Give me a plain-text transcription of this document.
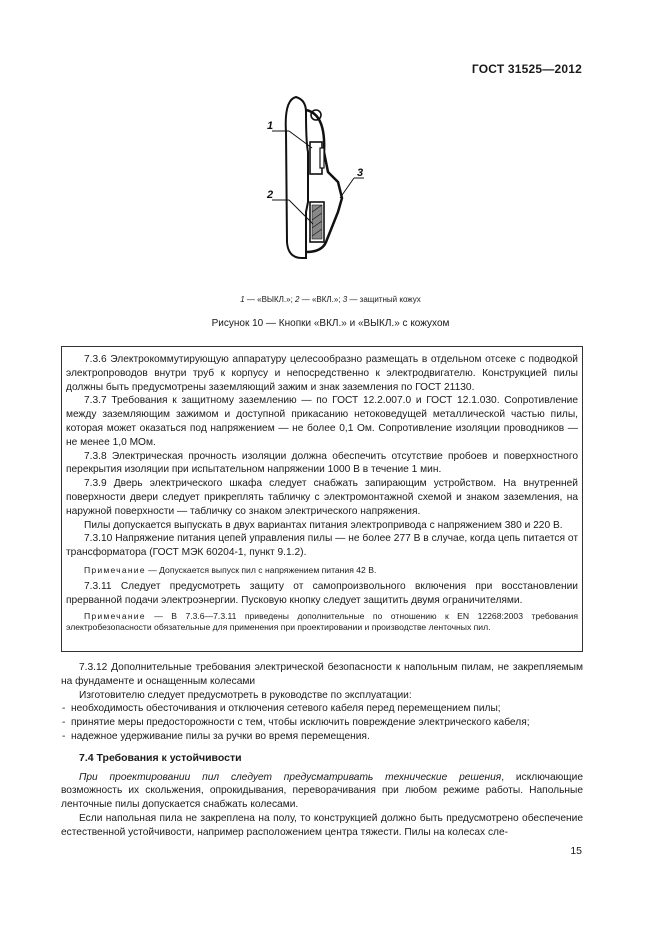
ГОСТ 31525—2012
1
2
3
1 — «ВЫКЛ.»; 2 — «ВКЛ.»; 3 — защитный кожух
Рисунок 10 — Кнопки «ВКЛ.» и «ВЫКЛ.» с кожухом

7.3.6 Электрокоммутирующую аппаратуру целесообразно размещать в отдельном отсеке с подводкой электропроводов внутри труб к корпусу и непосредственно к электродвигателю. Конструкцией пилы должны быть предусмотрены заземляющий зажим и знак заземления по ГОСТ 21130.

7.3.7 Требования к защитному заземлению — по ГОСТ 12.2.007.0 и ГОСТ 12.1.030. Сопротивление между заземляющим зажимом и доступной прикасанию нетоковедущей металлической частью пилы, которая может оказаться под напряжением — не более 0,1 Ом. Сопротивление изоляции проводников — не менее 1,0 МОм.

7.3.8 Электрическая прочность изоляции должна обеспечить отсутствие пробоев и поверхностного перекрытия изоляции при испытательном напряжении 1000 В в течение 1 мин.

7.3.9 Дверь электрического шкафа следует снабжать запирающим устройством. На внутренней поверхности двери следует прикреплять табличку с электромонтажной схемой и знаком заземления, на наружной поверхности — табличку со знаком электрического напряжения.

Пилы допускается выпускать в двух вариантах питания электропривода с напряжением 380 и 220 В.

7.3.10 Напряжение питания цепей управления пилы — не более 277 В в случае, когда цепь питается от трансформатора (ГОСТ МЭК 60204-1, пункт 9.1.2).

Примечание — Допускается выпуск пил с напряжением питания 42 В.

7.3.11 Следует предусмотреть защиту от самопроизвольного включения при восстановлении прерванной подачи электроэнергии. Пусковую кнопку следует защитить двумя ограничителями.

Примечание — В 7.3.6—7.3.11 приведены дополнительные по отношению к EN 12268:2003 требования электробезопасности обязательные для применения при проектировании и производстве ленточных пил.

7.3.12 Дополнительные требования электрической безопасности к напольным пилам, не закрепляемым на фундаменте и оснащенным колесами

Изготовителю следует предусмотреть в руководстве по эксплуатации:

- необходимость обесточивания и отключения сетевого кабеля перед перемещением пилы;

- принятие меры предосторожности с тем, чтобы исключить повреждение электрического кабеля;

- надежное удерживание пилы за ручки во время перемещения.

7.4 Требования к устойчивости

При проектировании пил следует предусматривать технические решения, исключающие возможность их скольжения, опрокидывания, переворачивания при любом режиме работы. Напольные ленточные пилы допускается снабжать колесами.

Если напольная пила не закреплена на полу, то конструкцией должно быть предусмотрено обеспечение естественной устойчивости, например расположением центра тяжести. Пилы на колесах сле-

15
